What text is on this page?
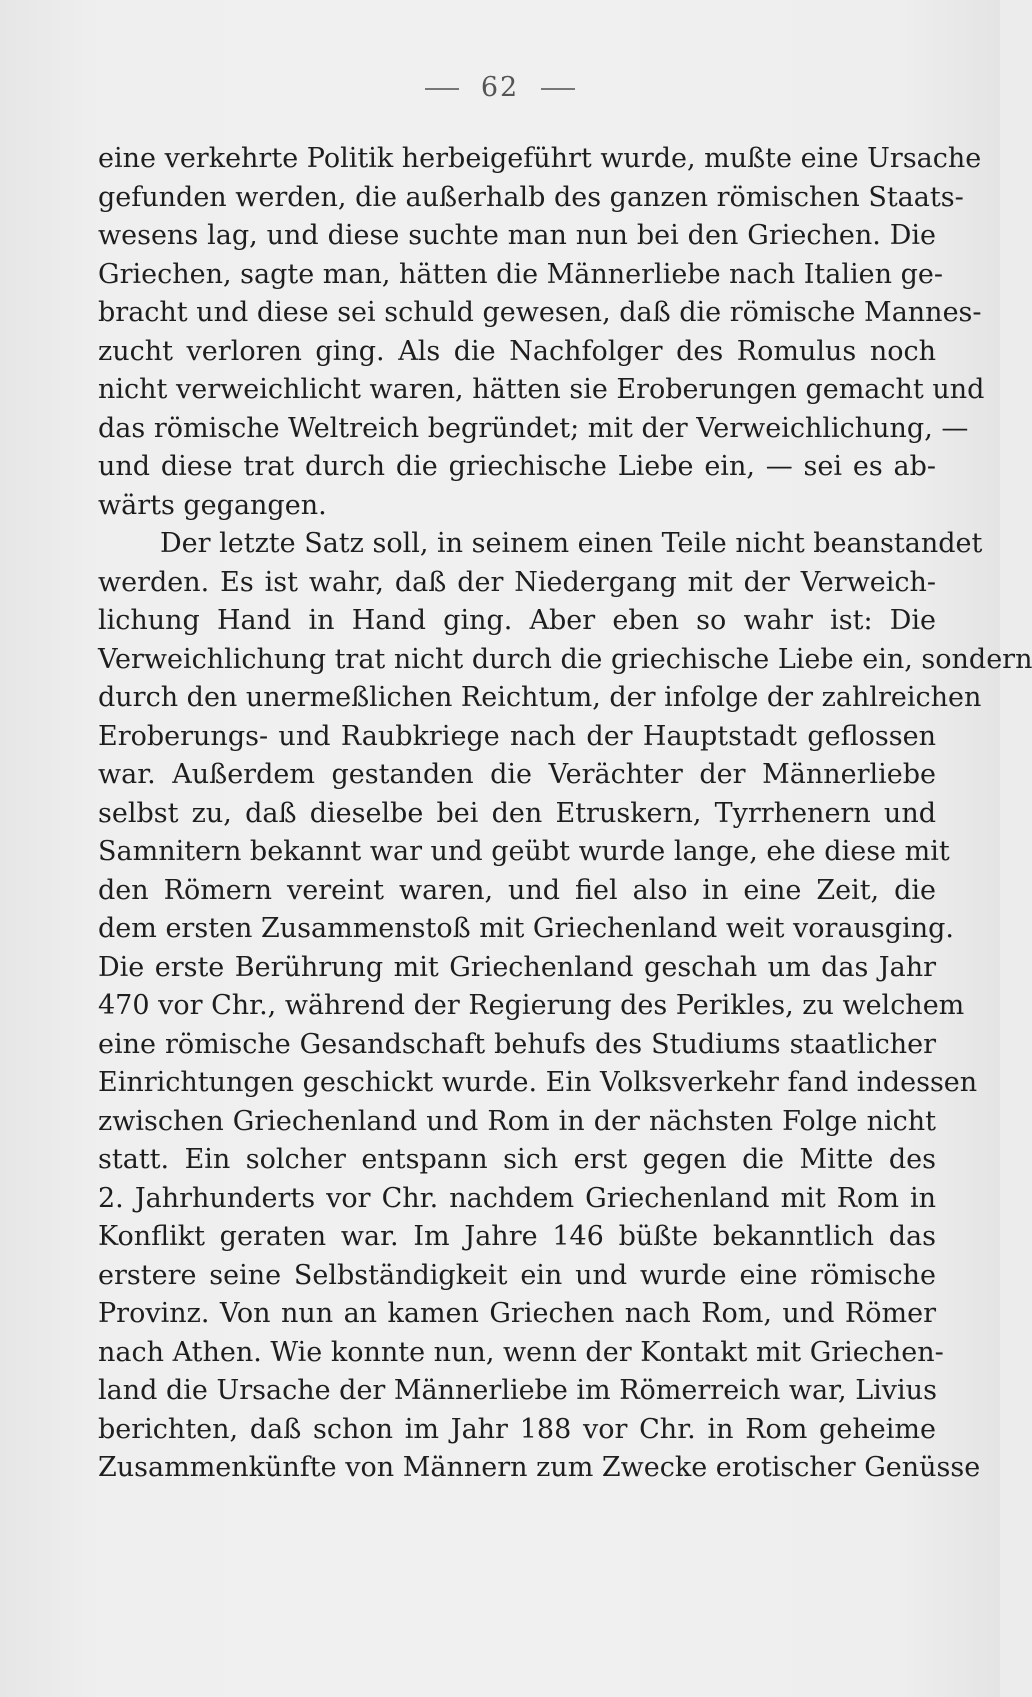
62
eine verkehrte Politik herbeigeführt wurde, mußte eine Ursache
gefunden werden, die außerhalb des ganzen römischen Staats-
wesens lag, und diese suchte man nun bei den Griechen. Die
Griechen, sagte man, hätten die Männerliebe nach Italien ge-
bracht und diese sei schuld gewesen, daß die römische Mannes-
zucht verloren ging. Als die Nachfolger des Romulus noch
nicht verweichlicht waren, hätten sie Eroberungen gemacht und
das römische Weltreich begründet; mit der Verweichlichung, —
und diese trat durch die griechische Liebe ein, — sei es ab-
wärts gegangen.
Der letzte Satz soll, in seinem einen Teile nicht beanstandet
werden. Es ist wahr, daß der Niedergang mit der Verweich-
lichung Hand in Hand ging. Aber eben so wahr ist: Die
Verweichlichung trat nicht durch die griechische Liebe ein, sondern
durch den unermeßlichen Reichtum, der infolge der zahlreichen
Eroberungs- und Raubkriege nach der Hauptstadt geflossen
war. Außerdem gestanden die Verächter der Männerliebe
selbst zu, daß dieselbe bei den Etruskern, Tyrrhenern und
Samnitern bekannt war und geübt wurde lange, ehe diese mit
den Römern vereint waren, und fiel also in eine Zeit, die
dem ersten Zusammenstoß mit Griechenland weit vorausging.
Die erste Berührung mit Griechenland geschah um das Jahr
470 vor Chr., während der Regierung des Perikles, zu welchem
eine römische Gesandschaft behufs des Studiums staatlicher
Einrichtungen geschickt wurde. Ein Volksverkehr fand indessen
zwischen Griechenland und Rom in der nächsten Folge nicht
statt. Ein solcher entspann sich erst gegen die Mitte des
2. Jahrhunderts vor Chr. nachdem Griechenland mit Rom in
Konflikt geraten war. Im Jahre 146 büßte bekanntlich das
erstere seine Selbständigkeit ein und wurde eine römische
Provinz. Von nun an kamen Griechen nach Rom, und Römer
nach Athen. Wie konnte nun, wenn der Kontakt mit Griechen-
land die Ursache der Männerliebe im Römerreich war, Livius
berichten, daß schon im Jahr 188 vor Chr. in Rom geheime
Zusammenkünfte von Männern zum Zwecke erotischer Genüsse
